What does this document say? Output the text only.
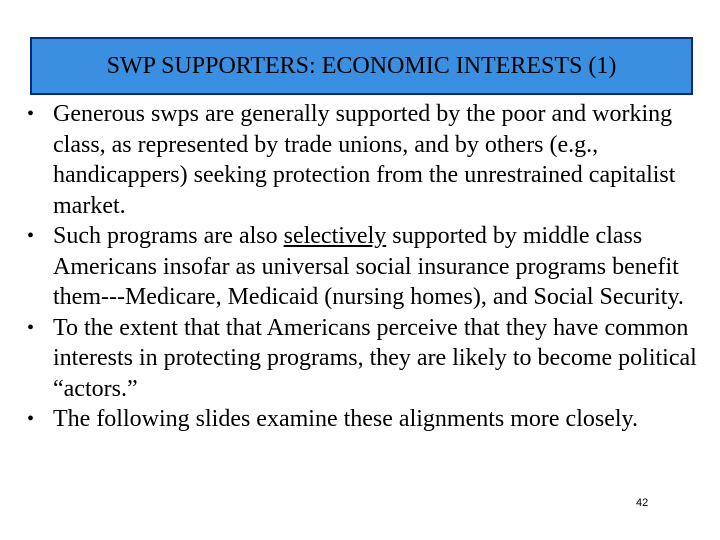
SWP SUPPORTERS: ECONOMIC INTERESTS (1)
• Generous swps are generally supported by the poor and working class, as represented by trade unions, and by others (e.g., handicappers) seeking protection from the unrestrained capitalist market.
• Such programs are also selectively supported by middle class Americans insofar as universal social insurance programs benefit them---Medicare, Medicaid (nursing homes), and Social Security.
• To the extent that that Americans perceive that they have common interests in protecting programs, they are likely to become political “actors.”
• The following slides examine these alignments more closely.
42
